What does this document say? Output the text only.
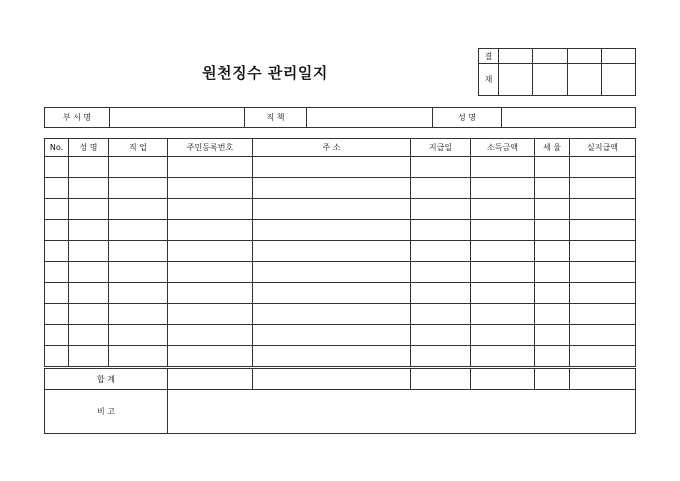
원천징수 관리일지
결				
재				
부 서 명		직 책		성 명	
No.	성 명	직 업	주민등록번호	주 소	지급일	소득금액	세 율	실지급액

합 계								
비 고								
